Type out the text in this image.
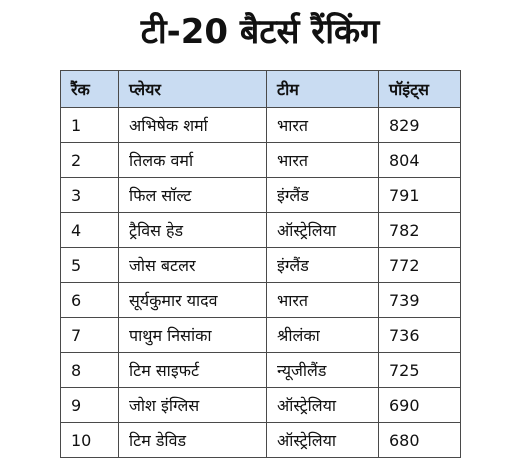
टी-20 बैटर्स रैंकिंग
रैंक	प्लेयर	टीम	पॉइंट्स
1	अभिषेक शर्मा	भारत	829
2	तिलक वर्मा	भारत	804
3	फिल सॉल्ट	इंग्लैंड	791
4	ट्रैविस हेड	ऑस्ट्रेलिया	782
5	जोस बटलर	इंग्लैंड	772
6	सूर्यकुमार यादव	भारत	739
7	पाथुम निसांका	श्रीलंका	736
8	टिम साइफर्ट	न्यूजीलैंड	725
9	जोश इंग्लिस	ऑस्ट्रेलिया	690
10	टिम डेविड	ऑस्ट्रेलिया	680
